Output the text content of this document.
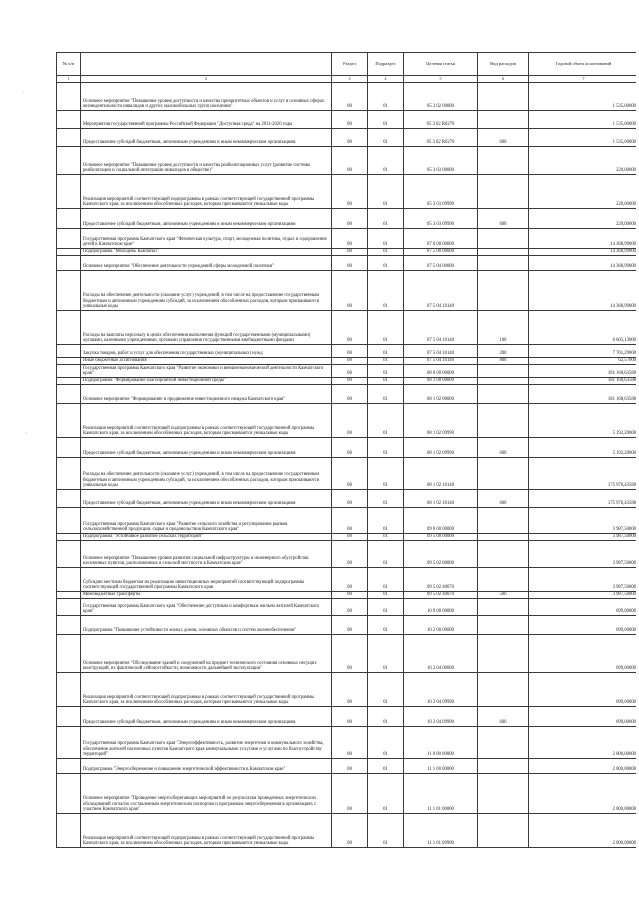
·
·
№ п/п		Раздел	Подраздел	Целевая статья	Вид расходов	Годовой объем ассигнований
1	2	3	4	5	6	7
	Основное мероприятие "Повышение уровня доступности и качества приоритетных объектов и услуг в основных сферах жизнедеятельности инвалидов и других маломобильных групп населения"	08	01	05 3 02 00000		1 535,00000
	Мероприятия государственной программы Российской Федерации "Доступная среда" на 2011-2020 годы	08	01	05 3 02 R0270		1 535,00000
	Предоставление субсидий бюджетным, автономным учреждениям и иным некоммерческим организациям	08	01	05 3 02 R0270	600	1 535,00000
	Основное мероприятие "Повышение уровня доступности и качества реабилитационных услуг (развитие системы реабилитации и социальной интеграции инвалидов в обществе)"	08	01	05 3 03 00000		220,00000
	Реализация мероприятий соответствующей подпрограммы в рамках соответствующей государственной программы Камчатского края, за исключением обособленных расходов, которым присваиваются уникальные коды	08	01	05 3 03 09990		220,00000
	Предоставление субсидий бюджетным, автономным учреждениям и иным некоммерческим организациям	08	01	05 3 03 09990	600	220,00000
	Государственная программа Камчатского края "Физическая культура, спорт, молодежная политика, отдых и оздоровление детей в Камчатском крае"	08	01	07 0 00 00000		14 368,99000
	Подпрограмма "Молодежь Камчатки"	08	01	07 5 00 00000		14 368,99000
	Основное мероприятие "Обеспечение деятельности учреждений сферы молодежной политики"	08	01	07 5 04 00000		14 368,99000
	Расходы на обеспечение деятельности (оказание услуг) учреждений, в том числе на предоставление государственным бюджетным и автономным учреждениям субсидий, за исключением обособленных расходов, которым присваиваются уникальные коды	08	01	07 5 04 10140		14 368,99000
	Расходы на выплаты персоналу в целях обеспечения выполнения функций государственными (муниципальными) органами, казенными учреждениями, органами управления государственными внебюджетными фондами	08	01	07 5 04 10140	100	6 605,13000
	Закупка товаров, работ и услуг для обеспечения государственных (муниципальных) нужд	08	01	07 5 04 10140	200	7 701,29000
	Иные бюджетные ассигнования	08	01	07 5 04 10140	800	62,57000
	Государственная программа Камчатского края "Развитие экономики и внешнеэкономической деятельности Камчатского края"	08	01	08 0 00 00000		181 168,63588
	Подпрограмма "Формирование благоприятной инвестиционной среды"	08	01	08 1 00 00000		181 168,63588
	Основное мероприятие "Формирование и продвижение инвестиционного имиджа Камчатского края"	08	01	08 1 02 00000		181 168,63588
	Реализация мероприятий соответствующей подпрограммы в рамках соответствующей государственной программы Камчатского края, за исключением обособленных расходов, которым присваиваются уникальные коды	08	01	08 1 02 09990		5 192,20000
	Предоставление субсидий бюджетным, автономным учреждениям и иным некоммерческим организациям	08	01	08 1 02 09990	600	5 192,20000
	Расходы на обеспечение деятельности (оказание услуг) учреждений, в том числе на предоставление государственным бюджетным и автономным учреждениям субсидий, за исключением обособленных расходов, которым присваиваются уникальные коды	08	01	08 1 02 10140		175 976,43588
	Предоставление субсидий бюджетным, автономным учреждениям и иным некоммерческим организациям	08	01	08 1 02 10140	600	175 976,43588
	Государственная программа Камчатского края "Развитие сельского хозяйства и регулирование рынков сельскохозяйственной продукции, сырья и продовольствия Камчатского края"	08	01	09 0 00 00000		3 987,50000
	Подпрограмма "Устойчивое развитие сельских территорий"	08	01	09 5 00 00000		3 987,50000
	Основное мероприятие "Повышение уровня развития социальной инфраструктуры и инженерного обустройства населенных пунктов, расположенных в сельской местности в Камчатском крае"	08	01	09 5 02 00000		3 987,50000
	Субсидии местным бюджетам на реализацию инвестиционных мероприятий соответствующей подпрограммы соответствующей государственной программы Камчатского края	08	01	09 5 02 40070		3 987,50000
	Межбюджетные трансферты	08	01	09 5 02 40070	500	3 987,50000
	Государственная программа Камчатского края "Обеспечение доступным и комфортным жильем жителей Камчатского края"	08	01	10 0 00 00000		699,00000
	Подпрограмма "Повышение устойчивости жилых домов, основных объектов и систем жизнеобеспечения"	08	01	10 2 00 00000		699,00000
	Основное мероприятие "Обследование зданий и сооружений на предмет технического состояния основных несущих конструкций, их фактической сейсмостойкости, возможности дальнейшей эксплуатации"	08	01	10 2 04 00000		699,00000
	Реализация мероприятий соответствующей подпрограммы в рамках соответствующей государственной программы Камчатского края, за исключением обособленных расходов, которым присваиваются уникальные коды	08	01	10 2 04 09990		699,00000
	Предоставление субсидий бюджетным, автономным учреждениям и иным некоммерческим организациям	08	01	10 2 04 09990	600	699,00000
	Государственная программа Камчатского края "Энергоэффективность, развитие энергетики и коммунального хозяйства, обеспечение жителей населенных пунктов Камчатского края коммунальными услугами и услугами по благоустройству территорий"	08	01	11 0 00 00000		2 000,00000
	Подпрограмма "Энергосбережение и повышение энергетической эффективности в Камчатском крае"	08	01	11 1 00 00000		2 000,00000
	Основное мероприятие "Проведение энергосберегающих мероприятий по результатам проведенных энергетических обследований согласно составленным энергетическим паспортам и программам энергосбережения в организациях с участием Камчатского края"	08	01	11 1 01 00000		2 000,00000
	Реализация мероприятий соответствующей подпрограммы в рамках соответствующей государственной программы Камчатского края, за исключением обособленных расходов, которым присваиваются уникальные коды	08	01	11 1 01 09990		2 000,00000
